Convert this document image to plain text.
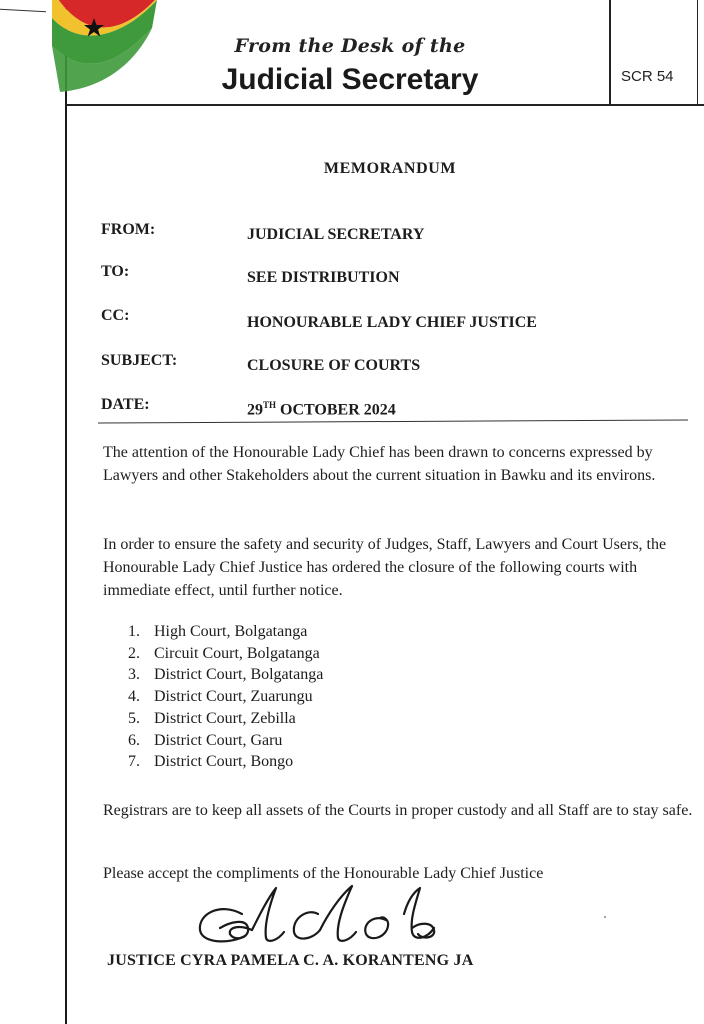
From the Desk of the
Judicial Secretary	SCR 54
MEMORANDUM
FROM:	JUDICIAL SECRETARY
TO:	SEE DISTRIBUTION
CC:	HONOURABLE LADY CHIEF JUSTICE
SUBJECT:	CLOSURE OF COURTS
DATE:	29TH OCTOBER 2024
The attention of the Honourable Lady Chief has been drawn to concerns expressed by Lawyers and other Stakeholders about the current situation in Bawku and its environs.
In order to ensure the safety and security of Judges, Staff, Lawyers and Court Users, the Honourable Lady Chief Justice has ordered the closure of the following courts with immediate effect, until further notice.
1. High Court, Bolgatanga
2. Circuit Court, Bolgatanga
3. District Court, Bolgatanga
4. District Court, Zuarungu
5. District Court, Zebilla
6. District Court, Garu
7. District Court, Bongo
Registrars are to keep all assets of the Courts in proper custody and all Staff are to stay safe.
Please accept the compliments of the Honourable Lady Chief Justice
JUSTICE CYRA PAMELA C. A. KORANTENG JA
